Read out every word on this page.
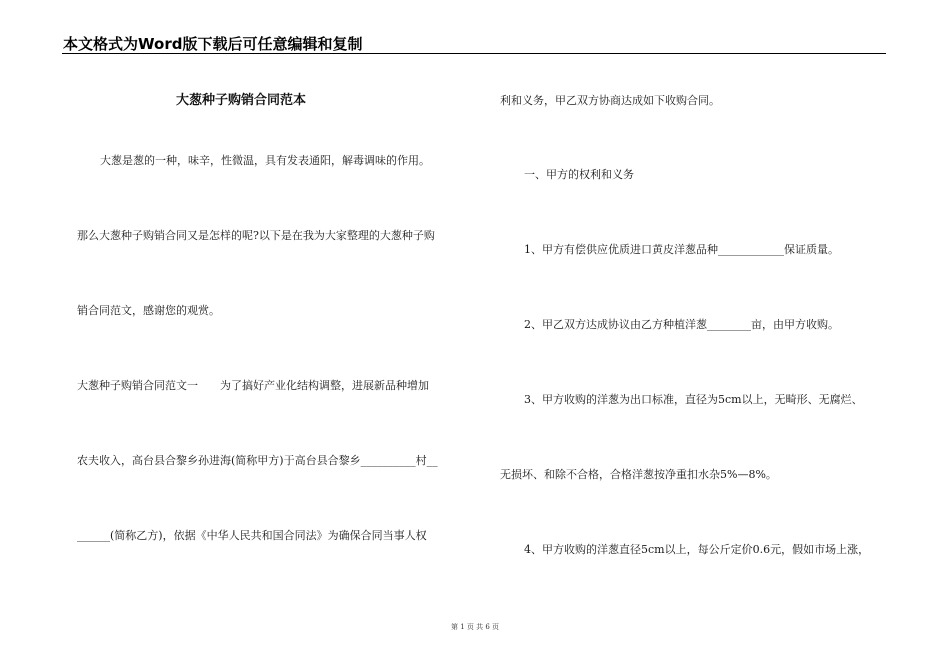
本文格式为Word版下载后可任意编辑和复制
大葱种子购销合同范本
大葱是葱的一种，味辛，性微温，具有发表通阳，解毒调味的作用。
那么大葱种子购销合同又是怎样的呢?以下是在我为大家整理的大葱种子购
销合同范文，感谢您的观赏。
大葱种子购销合同范文一　　为了搞好产业化结构调整，进展新品种增加
农夫收入，高台县合黎乡孙进海(简称甲方)于高台县合黎乡__________村__
______(简称乙方)，依据《中华人民共和国合同法》为确保合同当事人权
利和义务，甲乙双方协商达成如下收购合同。
一、甲方的权利和义务
1、甲方有偿供应优质进口黄皮洋葱品种____________保证质量。
2、甲乙双方达成协议由乙方种植洋葱________亩，由甲方收购。
3、甲方收购的洋葱为出口标准，直径为5cm以上，无畸形、无腐烂、
无损坏、和除不合格，合格洋葱按净重扣水杂5%—8%。
4、甲方收购的洋葱直径5cm以上，每公斤定价0.6元，假如市场上涨，
第 1 页 共 6 页
